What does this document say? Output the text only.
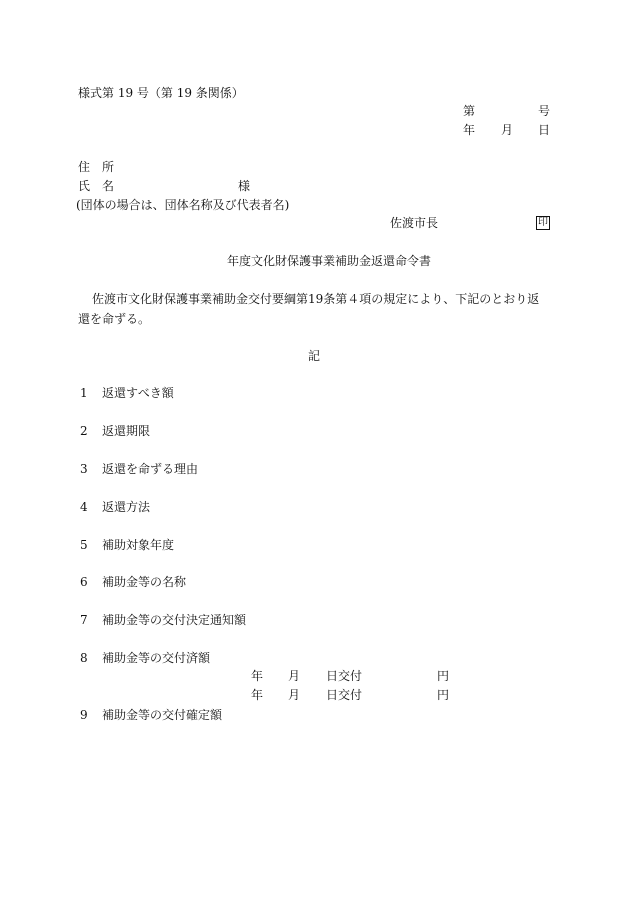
様式第 19 号（第 19 条関係）
第	号
年 月 日
住　所
氏　名	様
(団体の場合は、団体名称及び代表者名)
佐渡市長	印
年度文化財保護事業補助金返還命令書
佐渡市文化財保護事業補助金交付要綱第19条第４項の規定により、下記のとおり返
還を命ずる。
記
1 返還すべき額
2 返還期限
3 返還を命ずる理由
4 返還方法
5 補助対象年度
6 補助金等の名称
7 補助金等の交付決定通知額
8 補助金等の交付済額
年 月 日交付	円
年 月 日交付	円
9 補助金等の交付確定額
